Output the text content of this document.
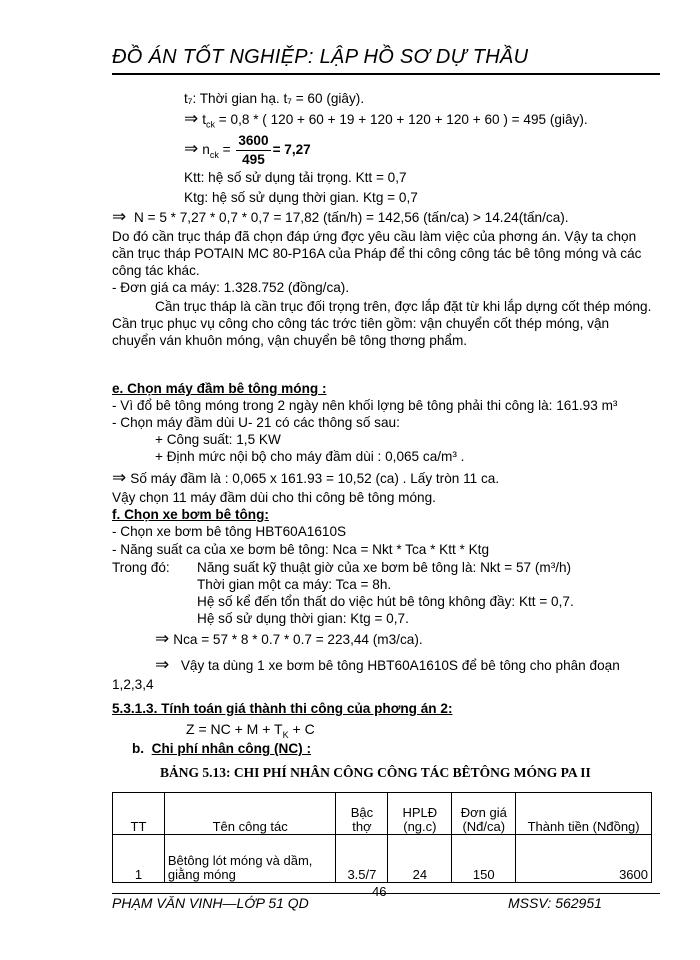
ĐỒ ÁN TỐT NGHIỆP: LẬP HỒ SƠ DỰ THẦU
t₇: Thời gian hạ. t₇ = 60 (giây).
⇒ $t_{ck} = 0,8$ * ( 120 + 60 + 19 + 120 + 120 + 120 + 60 ) = 495 (giây).
⇒ $n_{ck} = \frac{3600}{495} = 7,27$
Ktt: hệ số sử dụng tải trọng. Ktt = 0,7
Ktg: hệ số sử dụng thời gian. Ktg = 0,7
⇒ N = 5 * 7,27 * 0,7 * 0,7 = 17,82 (tấn/h) = 142,56 (tấn/ca) > 14.24(tấn/ca).
Do đó cần trục tháp đã chọn đáp ứng đợc yêu cầu làm việc của phơng án. Vậy ta chọn
cần trục tháp POTAIN MC 80-P16A của Pháp để thi công công tác bê tông móng và các
công tác khác.
- Đơn giá ca máy: 1.328.752 (đồng/ca).
Cần trục tháp là cần trục đối trọng trên, đợc lắp đặt từ khi lắp dựng cốt thép móng.
Cần trục phục vụ công cho công tác trớc tiên gồm: vận chuyển cốt thép móng, vận
chuyển ván khuôn móng, vận chuyển bê tông thơng phẩm.
e. Chọn máy đầm bê tông móng :
- Vì đổ bê tông móng trong 2 ngày nên khối lợng bê tông phải thi công là: 161.93 m³
- Chọn máy đầm dùi U- 21 có các thông số sau:
+ Công suất: 1,5 KW
+ Định mức nội bộ cho máy đầm dùi : 0,065 ca/m³ .
⇒ Số máy đầm là : 0,065 x 161.93 = 10,52 (ca) . Lấy tròn 11 ca.
Vậy chọn 11 máy đầm dùi cho thi công bê tông móng.
f. Chọn xe bơm bê tông:
- Chọn xe bơm bê tông HBT60A1610S
- Năng suất ca của xe bơm bê tông: Nca = Nkt * Tca * Ktt * Ktg
Trong đó: Năng suất kỹ thuật giờ của xe bơm bê tông là: Nkt = 57 (m³/h)
Thời gian một ca máy: Tca = 8h.
Hệ số kể đến tổn thất do việc hút bê tông không đầy: Ktt = 0,7.
Hệ số sử dụng thời gian: Ktg = 0,7.
⇒ Nca = 57 * 8 * 0.7 * 0.7 = 223,44 (m3/ca).
⇒ Vậy ta dùng 1 xe bơm bê tông HBT60A1610S để bê tông cho phân đoạn
1,2,3,4
5.3.1.3. Tính toán giá thành thi công của phơng án 2:
Z = NC + $M + T_K + C$
b. Chi phí nhân công (NC) :
BẢNG 5.13: CHI PHÍ NHÂN CÔNG CÔNG TÁC BÊTÔNG MÓNG PA II
TT	Tên công tác	Bậc thợ	HPLĐ (ng.c)	Đơn giá (Nđ/ca)	Thành tiền (Nđồng)
1	Bêtông lót móng và dầm, giằng móng	3.5/7	24	150	3600
46
PHẠM VĂN VINH—LỚP 51 QD	MSSV: 562951
